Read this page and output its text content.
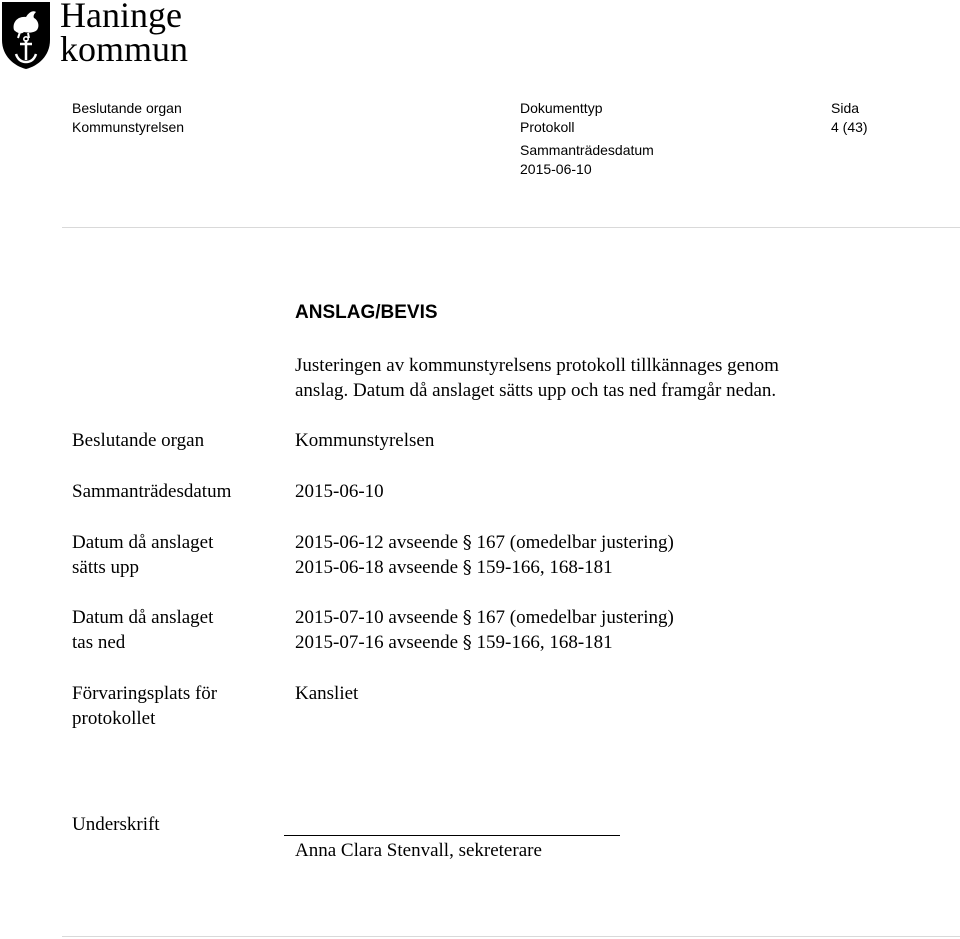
Haninge
kommun
Beslutande organ
Kommunstyrelsen
Dokumenttyp
Protokoll
Sammanträdesdatum
2015-06-10
Sida
4 (43)
ANSLAG/BEVIS
Justeringen av kommunstyrelsens protokoll tillkännages genom
anslag. Datum då anslaget sätts upp och tas ned framgår nedan.
Beslutande organ	Kommunstyrelsen
Sammanträdesdatum	2015-06-10
Datum då anslaget
sätts upp
2015-06-12 avseende § 167 (omedelbar justering)
2015-06-18 avseende § 159-166, 168-181
Datum då anslaget
tas ned
2015-07-10 avseende § 167 (omedelbar justering)
2015-07-16 avseende § 159-166, 168-181
Förvaringsplats för
protokollet
Kansliet
Underskrift
Anna Clara Stenvall, sekreterare
